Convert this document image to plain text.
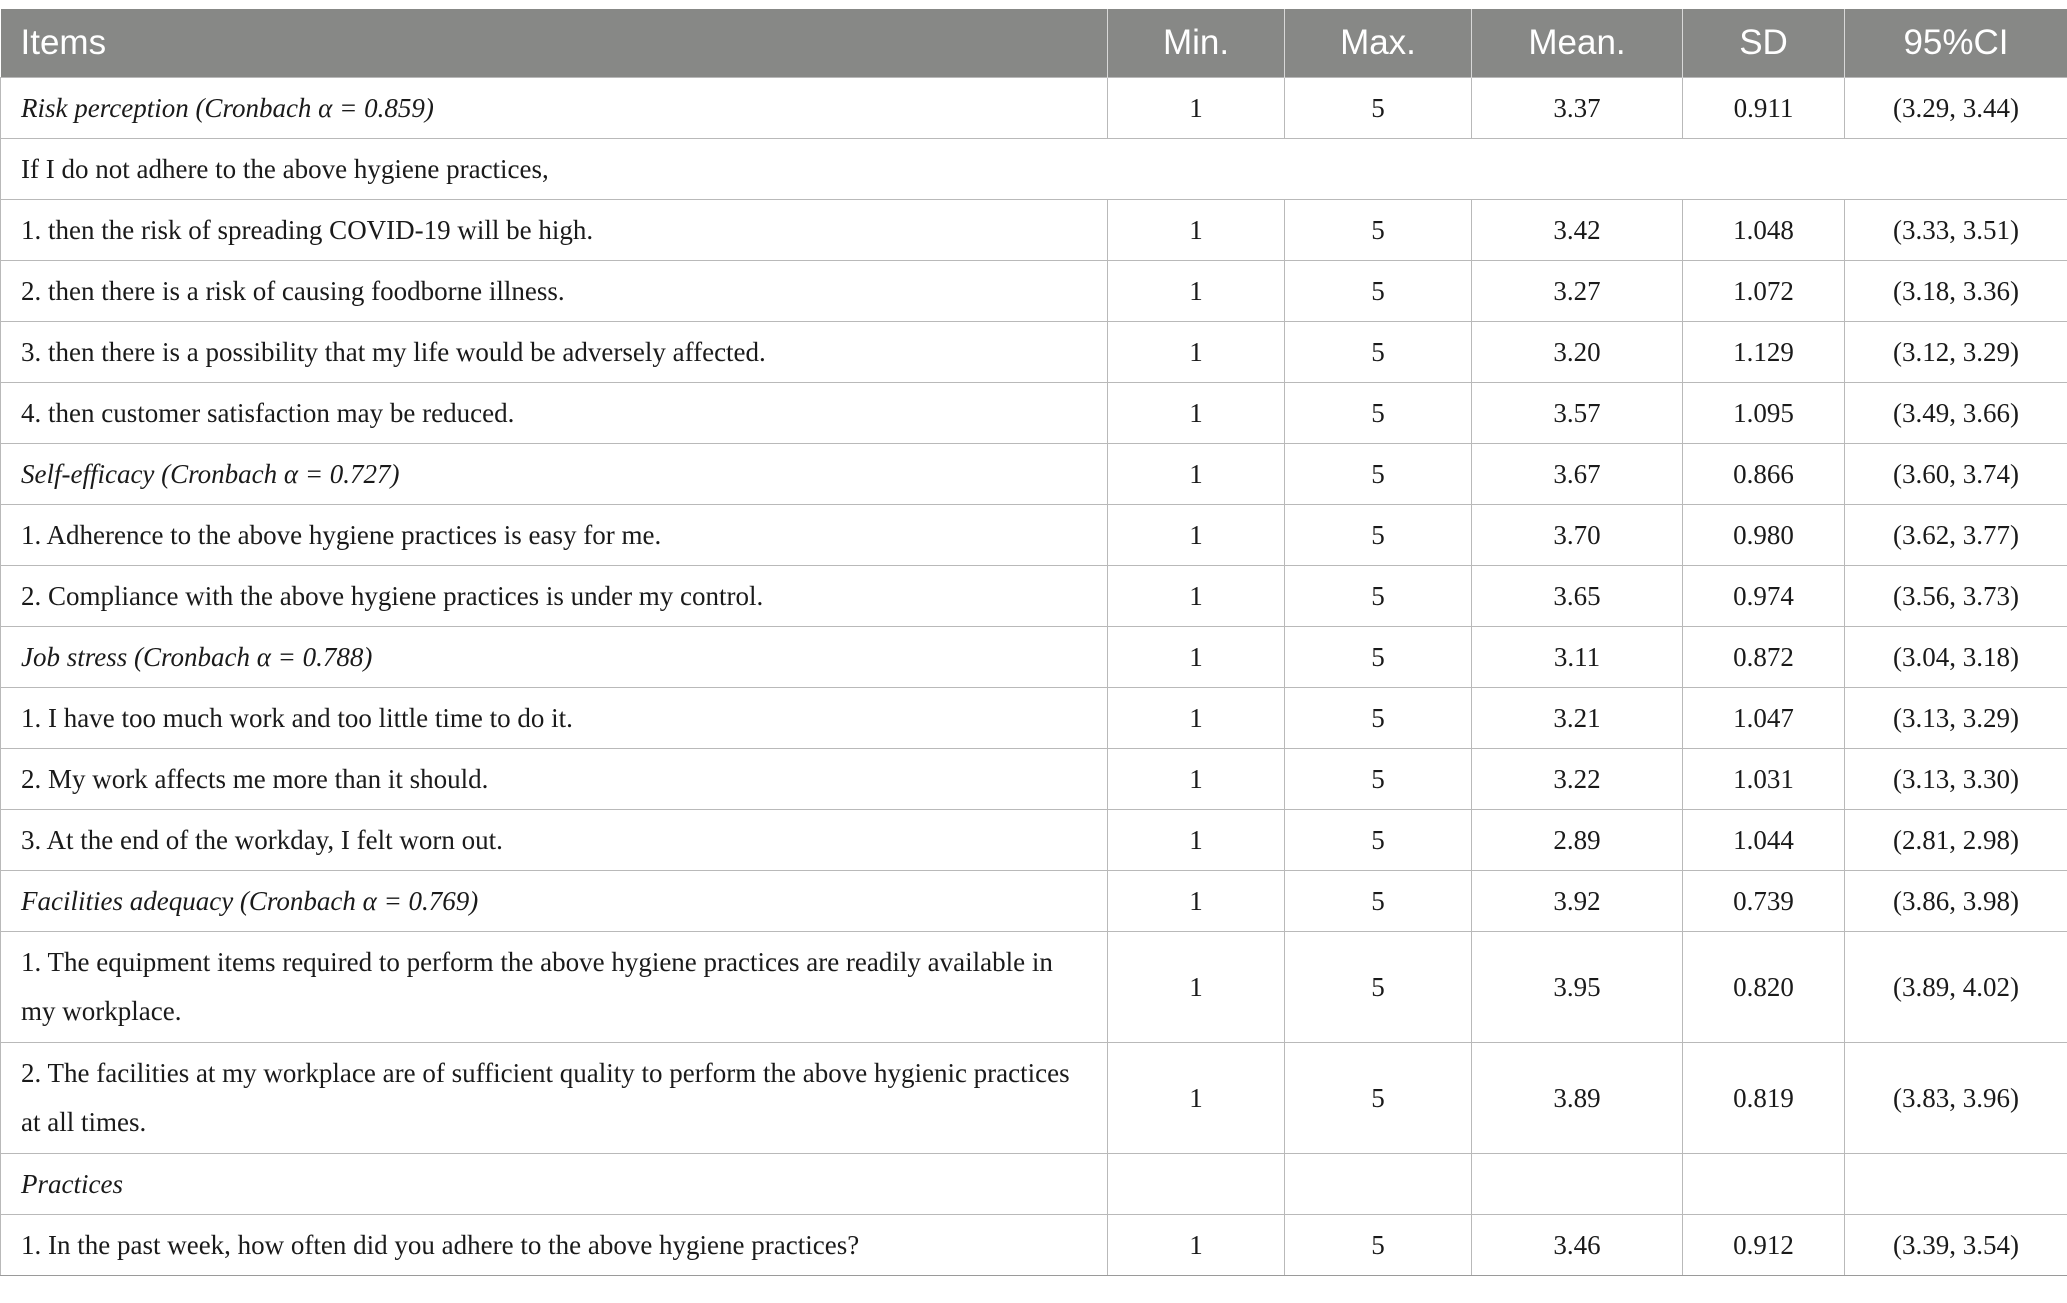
Items	Min.	Max.	Mean.	SD	95%CI
Risk perception (Cronbach α = 0.859)	1	5	3.37	0.911	(3.29, 3.44)
If I do not adhere to the above hygiene practices,					
1. then the risk of spreading COVID-19 will be high.	1	5	3.42	1.048	(3.33, 3.51)
2. then there is a risk of causing foodborne illness.	1	5	3.27	1.072	(3.18, 3.36)
3. then there is a possibility that my life would be adversely affected.	1	5	3.20	1.129	(3.12, 3.29)
4. then customer satisfaction may be reduced.	1	5	3.57	1.095	(3.49, 3.66)
Self-efficacy (Cronbach α = 0.727)	1	5	3.67	0.866	(3.60, 3.74)
1. Adherence to the above hygiene practices is easy for me.	1	5	3.70	0.980	(3.62, 3.77)
2. Compliance with the above hygiene practices is under my control.	1	5	3.65	0.974	(3.56, 3.73)
Job stress (Cronbach α = 0.788)	1	5	3.11	0.872	(3.04, 3.18)
1. I have too much work and too little time to do it.	1	5	3.21	1.047	(3.13, 3.29)
2. My work affects me more than it should.	1	5	3.22	1.031	(3.13, 3.30)
3. At the end of the workday, I felt worn out.	1	5	2.89	1.044	(2.81, 2.98)
Facilities adequacy (Cronbach α = 0.769)	1	5	3.92	0.739	(3.86, 3.98)
1. The equipment items required to perform the above hygiene practices are readily available in my workplace.	1	5	3.95	0.820	(3.89, 4.02)
2. The facilities at my workplace are of sufficient quality to perform the above hygienic practices at all times.	1	5	3.89	0.819	(3.83, 3.96)
Practices					
1. In the past week, how often did you adhere to the above hygiene practices?	1	5	3.46	0.912	(3.39, 3.54)
